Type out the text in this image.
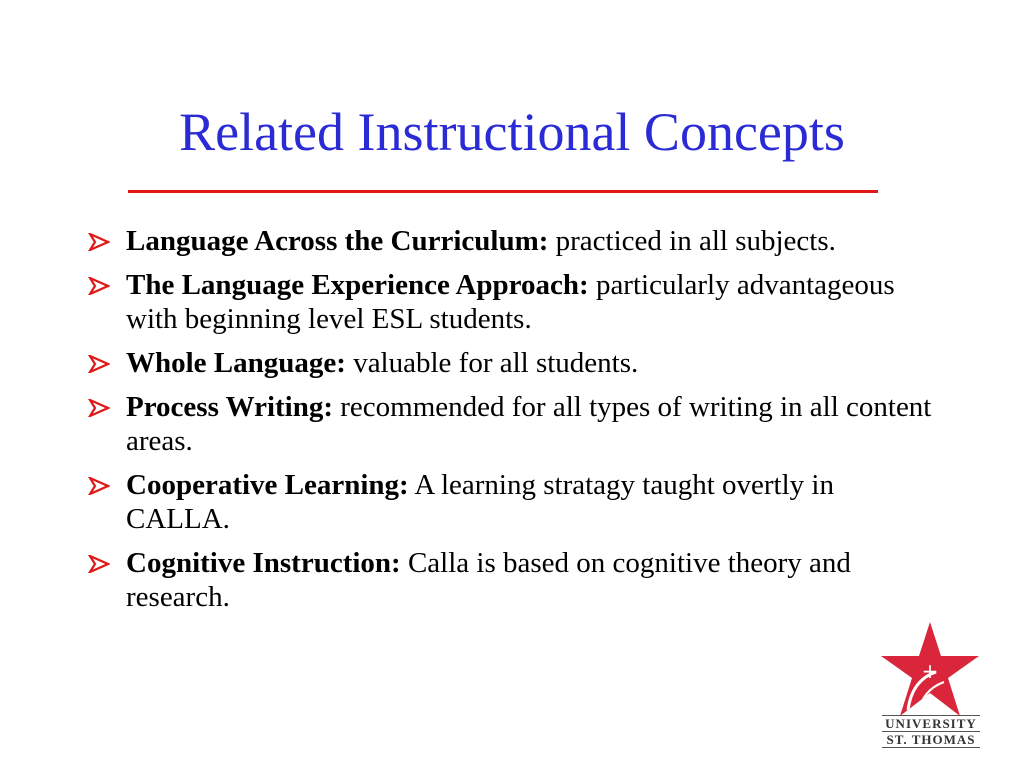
Related Instructional Concepts
Language Across the Curriculum: practiced in all subjects.
The Language Experience Approach: particularly advantageous with beginning level ESL students.
Whole Language: valuable for all students.
Process Writing: recommended for all types of writing in all content areas.
Cooperative Learning: A learning stratagy taught overtly in CALLA.
Cognitive Instruction: Calla is based on cognitive theory and research.
+
UNIVERSITY
ST. THOMAS
